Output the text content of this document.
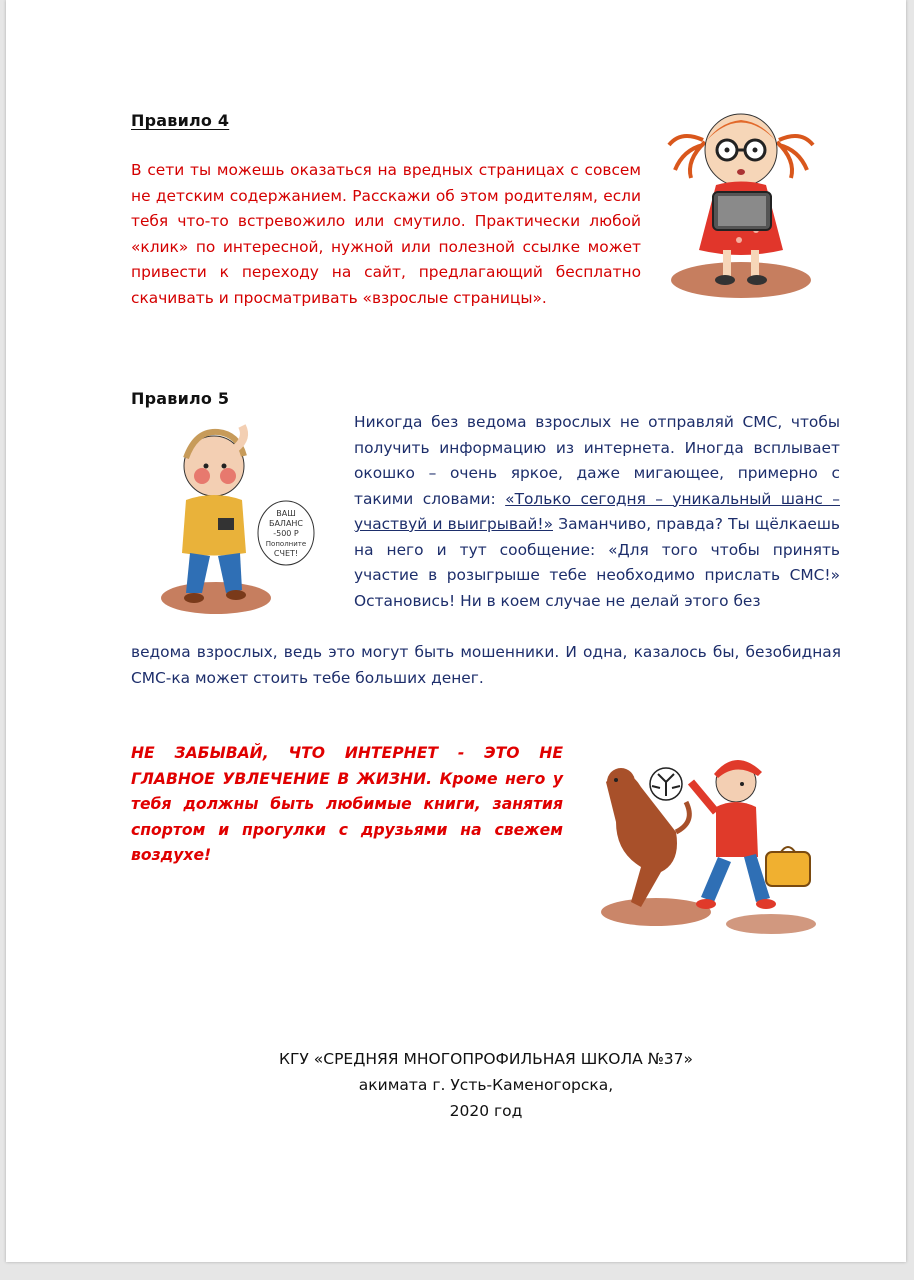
Правило 4

В сети ты можешь оказаться на вредных страницах с совсем не детским содержанием. Расскажи об этом родителям, если тебя что-то встревожило или смутило. Практически любой «клик» по интересной, нужной или полезной ссылке может привести к переходу на сайт, предлагающий бесплатно скачивать и просматривать «взрослые страницы».

Правило 5
ВАШ
БАЛАНС
-500 Р
Пополните
СЧЕТ!

Никогда без ведома взрослых не отправляй СМС, чтобы получить информацию из интернета. Иногда всплывает окошко – очень яркое, даже мигающее, примерно с такими словами: «Только сегодня – уникальный шанс – участвуй и выигрывай!» Заманчиво, правда? Ты щёлкаешь на него и тут сообщение: «Для того чтобы принять участие в розыгрыше тебе необходимо прислать СМС!» Остановись! Ни в коем случае не делай этого без

ведома взрослых, ведь это могут быть мошенники. И одна, казалось бы, безобидная СМС-ка может стоить тебе больших денег.

НЕ ЗАБЫВАЙ, ЧТО ИНТЕРНЕТ - ЭТО НЕ ГЛАВНОЕ УВЛЕЧЕНИЕ В ЖИЗНИ. Кроме него у тебя должны быть любимые книги, занятия спортом и прогулки с друзьями на свежем воздухе!

КГУ «СРЕДНЯЯ МНОГОПРОФИЛЬНАЯ ШКОЛА №37»
акимата г. Усть-Каменогорска,
2020 год
